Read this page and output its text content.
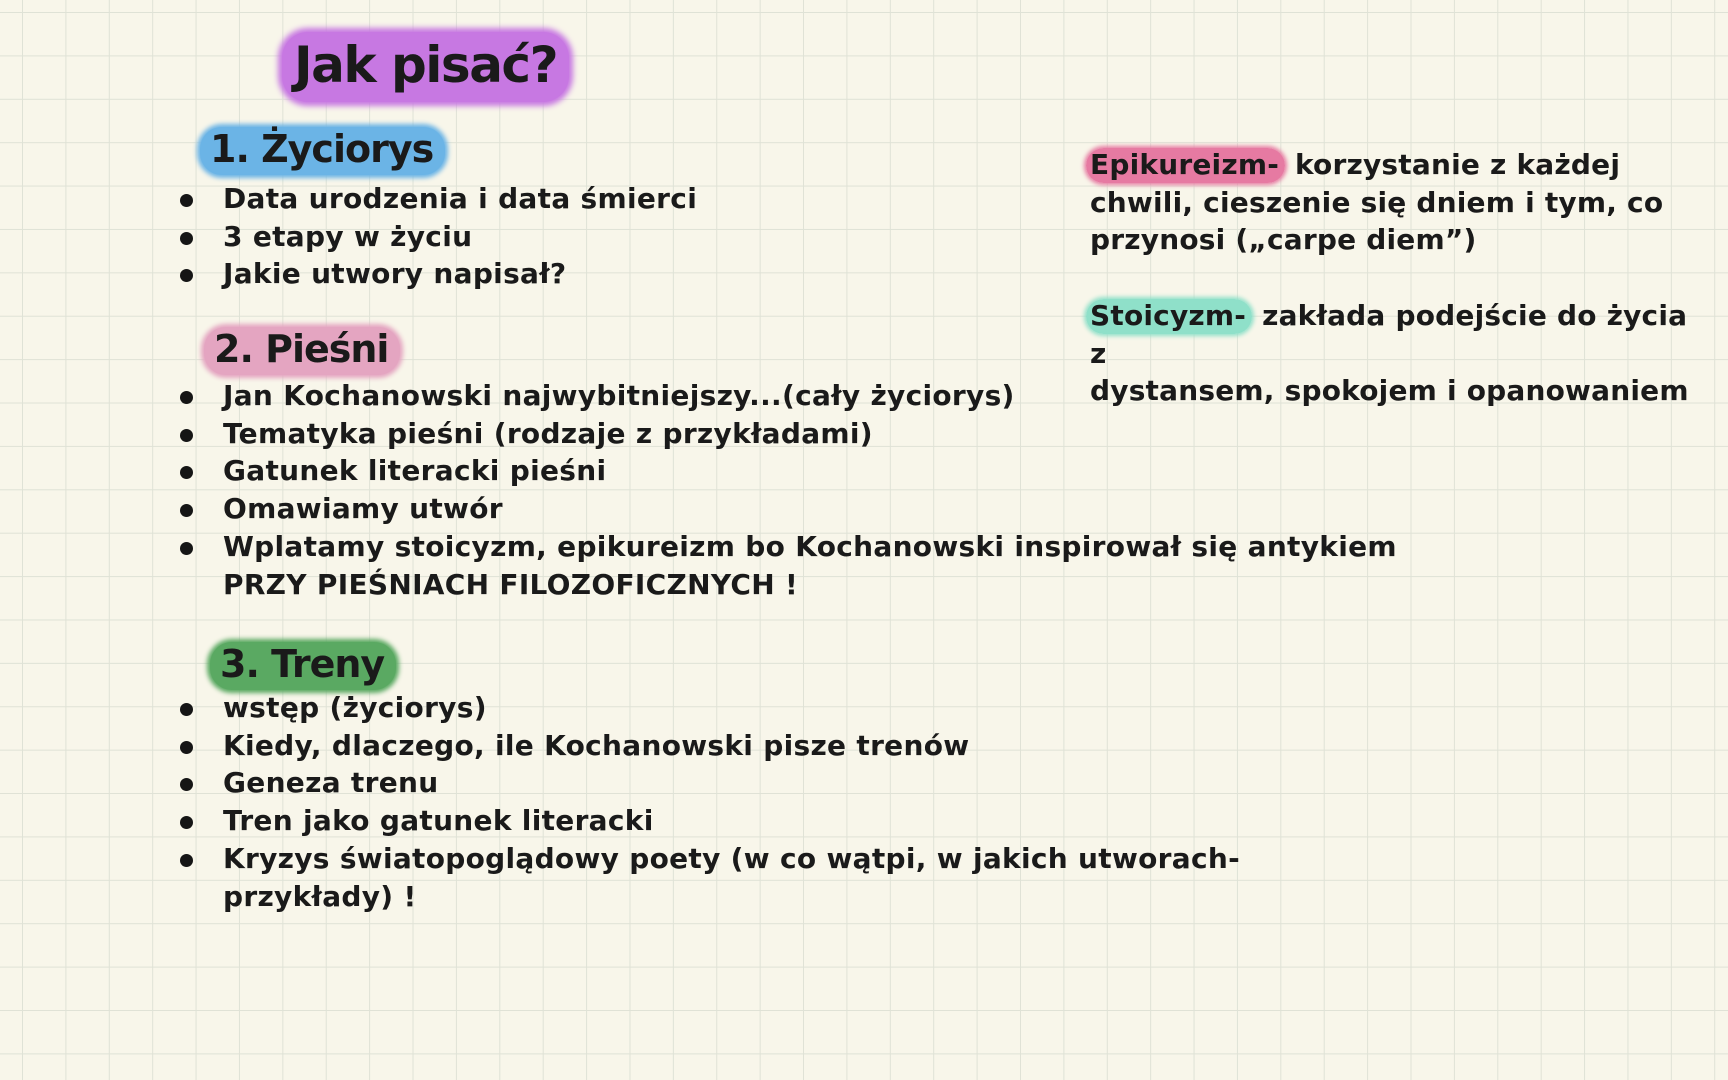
Jak pisać?
1. Życiorys
Data urodzenia i data śmierci
3 etapy w życiu
Jakie utwory napisał?
2. Pieśni
Jan Kochanowski najwybitniejszy...(cały życiorys)
Tematyka pieśni (rodzaje z przykładami)
Gatunek literacki pieśni
Omawiamy utwór
Wplatamy stoicyzm, epikureizm bo Kochanowski inspirował się antykiem
PRZY PIEŚNIACH FILOZOFICZNYCH !
3. Treny
wstęp (życiorys)
Kiedy, dlaczego, ile Kochanowski pisze trenów
Geneza trenu
Tren jako gatunek literacki
Kryzys światopoglądowy poety (w co wątpi, w jakich utworach-
przykłady) !
Epikureizm- korzystanie z każdej
chwili, cieszenie się dniem i tym, co
przynosi („carpe diem”)
Stoicyzm- zakłada podejście do życia z
dystansem, spokojem i opanowaniem
